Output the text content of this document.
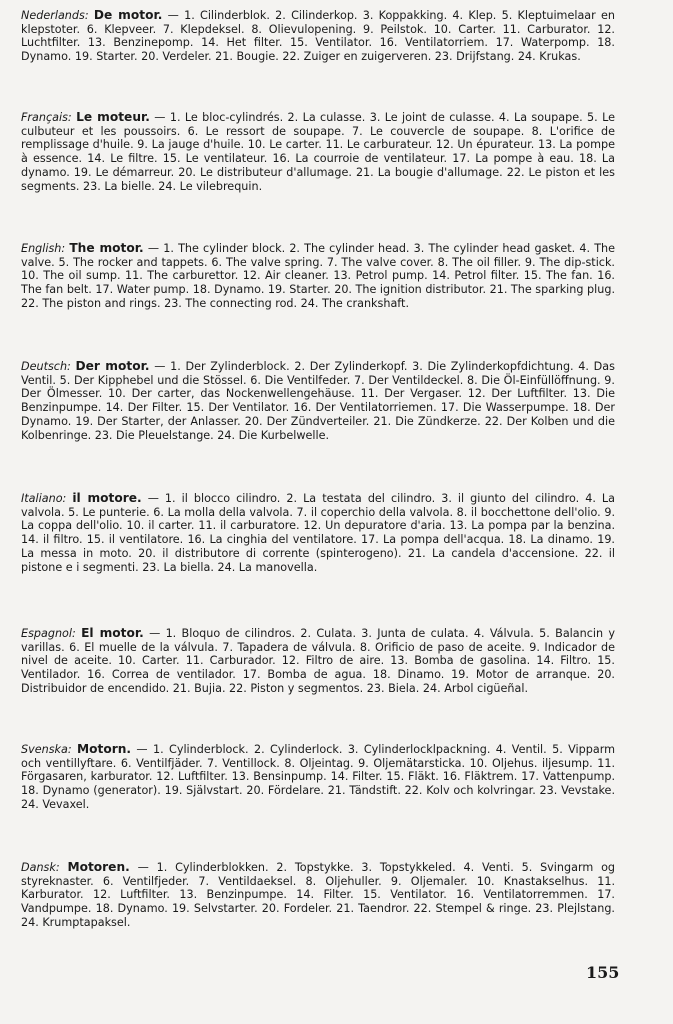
Nederlands: De motor. — 1. Cilinderblok. 2. Cilinderkop. 3. Koppakking. 4. Klep. 5. Kleptuimelaar en klepstoter. 6. Klepveer. 7. Klepdeksel. 8. Olievulopening. 9. Peilstok. 10. Carter. 11. Carburator. 12. Luchtfilter. 13. Benzinepomp. 14. Het filter. 15. Ventilator. 16. Ventilatorriem. 17. Waterpomp. 18. Dynamo. 19. Starter. 20. Verdeler. 21. Bougie. 22. Zuiger en zuigerveren. 23. Drijfstang. 24. Krukas.

Français: Le moteur. — 1. Le bloc-cylindrés. 2. La culasse. 3. Le joint de culasse. 4. La soupape. 5. Le culbuteur et les poussoirs. 6. Le ressort de soupape. 7. Le couvercle de soupape. 8. L'orifice de remplissage d'huile. 9. La jauge d'huile. 10. Le carter. 11. Le carburateur. 12. Un épurateur. 13. La pompe à essence. 14. Le filtre. 15. Le ventilateur. 16. La courroie de ventilateur. 17. La pompe à eau. 18. La dynamo. 19. Le démarreur. 20. Le distributeur d'allumage. 21. La bougie d'allumage. 22. Le piston et les segments. 23. La bielle. 24. Le vilebrequin.

English: The motor. — 1. The cylinder block. 2. The cylinder head. 3. The cylinder head gasket. 4. The valve. 5. The rocker and tappets. 6. The valve spring. 7. The valve cover. 8. The oil filler. 9. The dip-stick. 10. The oil sump. 11. The carburettor. 12. Air cleaner. 13. Petrol pump. 14. Petrol filter. 15. The fan. 16. The fan belt. 17. Water pump. 18. Dynamo. 19. Starter. 20. The ignition distributor. 21. The sparking plug. 22. The piston and rings. 23. The connecting rod. 24. The crankshaft.

Deutsch: Der motor. — 1. Der Zylinderblock. 2. Der Zylinderkopf. 3. Die Zylinderkopfdichtung. 4. Das Ventil. 5. Der Kipphebel und die Stössel. 6. Die Ventilfeder. 7. Der Ventildeckel. 8. Die Öl-Einfüllöffnung. 9. Der Ölmesser. 10. Der carter, das Nockenwellengehäuse. 11. Der Vergaser. 12. Der Luftfilter. 13. Die Benzinpumpe. 14. Der Filter. 15. Der Ventilator. 16. Der Ventilatorriemen. 17. Die Wasserpumpe. 18. Der Dynamo. 19. Der Starter, der Anlasser. 20. Der Zündverteiler. 21. Die Zündkerze. 22. Der Kolben und die Kolbenringe. 23. Die Pleuelstange. 24. Die Kurbelwelle.

Italiano: il motore. — 1. il blocco cilindro. 2. La testata del cilindro. 3. il giunto del cilindro. 4. La valvola. 5. Le punterie. 6. La molla della valvola. 7. il coperchio della valvola. 8. il bocchettone dell'olio. 9. La coppa dell'olio. 10. il carter. 11. il carburatore. 12. Un depuratore d'aria. 13. La pompa par la benzina. 14. il filtro. 15. il ventilatore. 16. La cinghia del ventilatore. 17. La pompa dell'acqua. 18. La dinamo. 19. La messa in moto. 20. il distributore di corrente (spinterogeno). 21. La candela d'accensione. 22. il pistone e i segmenti. 23. La biella. 24. La manovella.

Espagnol: El motor. — 1. Bloquo de cilindros. 2. Culata. 3. Junta de culata. 4. Válvula. 5. Balancin y varillas. 6. El muelle de la válvula. 7. Tapadera de válvula. 8. Orificio de paso de aceite. 9. Indicador de nivel de aceite. 10. Carter. 11. Carburador. 12. Filtro de aire. 13. Bomba de gasolina. 14. Filtro. 15. Ventilador. 16. Correa de ventilador. 17. Bomba de agua. 18. Dinamo. 19. Motor de arranque. 20. Distribuidor de encendido. 21. Bujia. 22. Piston y segmentos. 23. Biela. 24. Arbol cigüeñal.

Svenska: Motorn. — 1. Cylinderblock. 2. Cylinderlock. 3. Cylinderlocklpackning. 4. Ventil. 5. Vipparm och ventillyftare. 6. Ventilfjäder. 7. Ventillock. 8. Oljeintag. 9. Oljemätarsticka. 10. Oljehus. iljesump. 11. Förgasaren, karburator. 12. Luftfilter. 13. Bensinpump. 14. Filter. 15. Fläkt. 16. Fläktrem. 17. Vattenpump. 18. Dynamo (generator). 19. Självstart. 20. Fördelare. 21. Tändstift. 22. Kolv och kolvringar. 23. Vevstake. 24. Vevaxel.

Dansk: Motoren. — 1. Cylinderblokken. 2. Topstykke. 3. Topstykkeled. 4. Venti. 5. Svingarm og styreknaster. 6. Ventilfjeder. 7. Ventildaeksel. 8. Oljehuller. 9. Oljemaler. 10. Knastakselhus. 11. Karburator. 12. Luftfilter. 13. Benzinpumpe. 14. Filter. 15. Ventilator. 16. Ventilatorremmen. 17. Vandpumpe. 18. Dynamo. 19. Selvstarter. 20. Fordeler. 21. Taendror. 22. Stempel & ringe. 23. Plejlstang. 24. Krumptapaksel.

155
